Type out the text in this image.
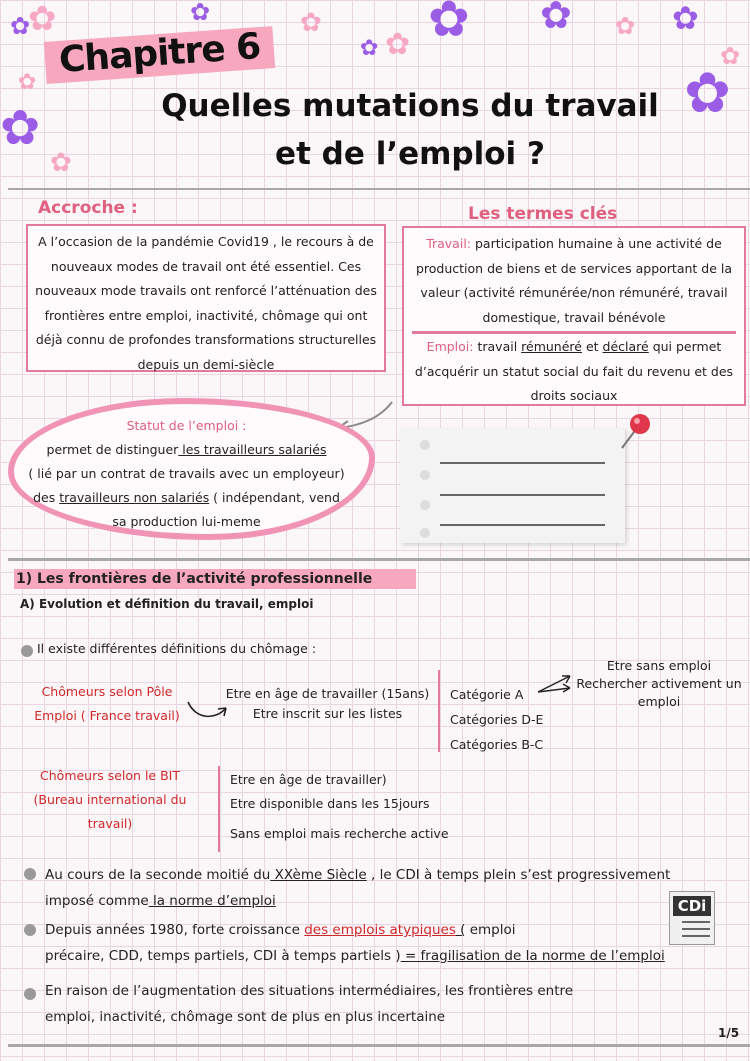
✿
✿	✿	✿
✿ ✿ ✿ ✿ ✿ ✿
✿
✿
✿
✿
✿
Chapitre 6
Quelles mutations du travail
et de l’emploi ?
Accroche :
A l’occasion de la pandémie Covid19 , le recours à de nouveaux modes de travail ont été essentiel. Ces nouveaux mode travails ont renforcé l’atténuation des frontières entre emploi, inactivité, chômage qui ont déjà connu de profondes transformations structurelles depuis un demi-siècle
Les termes clés
Travail: participation humaine à une activité de production de biens et de services apportant de la valeur (activité rémunérée/non rémunéré, travail domestique, travail bénévole
Emploi: travail rémunéré et déclaré qui permet d’acquérir un statut social du fait du revenu et des droits sociaux
Statut de l’emploi :
permet de distinguer les travailleurs salariés
( lié par un contrat de travails avec un employeur)
des travailleurs non salariés ( indépendant, vend
sa production lui-meme
1) Les frontières de l’activité professionnelle
A) Evolution et définition du travail, emploi
Il existe différentes définitions du chômage :
Chômeurs selon Pôle
Emploi ( France travail)
Etre en âge de travailler (15ans)
Etre inscrit sur les listes
Catégorie A
Catégories D-E
Catégories B-C
Etre sans emploi
Rechercher activement un
emploi
Chômeurs selon le BIT
(Bureau international du
travail)
Etre en âge de travailler)
Etre disponible dans les 15jours
Sans emploi mais recherche active
Au cours de la seconde moitié du XXème Siècle , le CDI à temps plein s’est progressivement
imposé comme la norme d’emploi
Depuis années 1980, forte croissance des emplois atypiques ( emploi
précaire, CDD, temps partiels, CDI à temps partiels ) = fragilisation de la norme de l’emploi
En raison de l’augmentation des situations intermédiaires, les frontières entre
emploi, inactivité, chômage sont de plus en plus incertaine
CDi
1/5
